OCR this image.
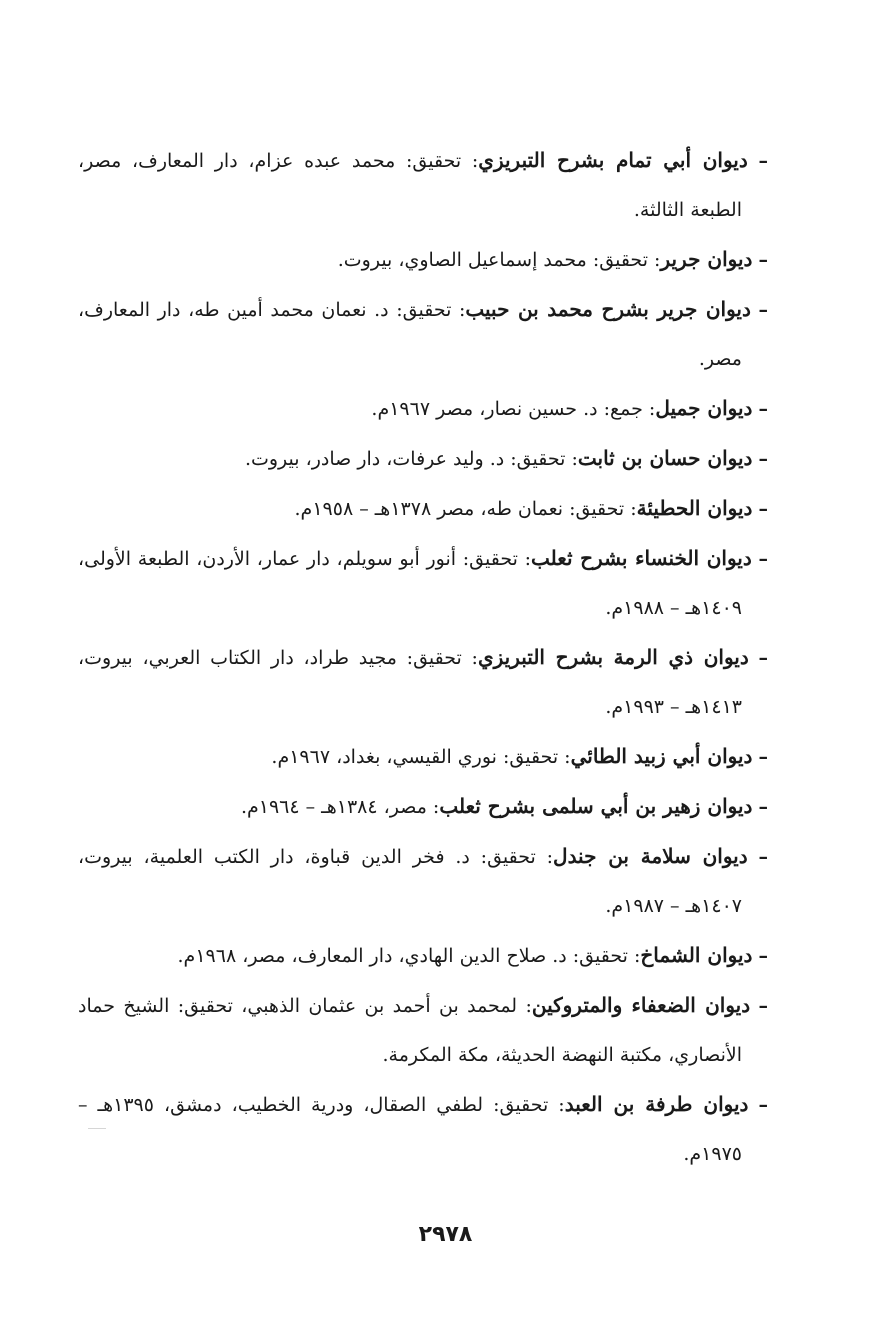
– ديوان أبي تمام بشرح التبريزي: تحقيق: محمد عبده عزام، دار المعارف، مصر، الطبعة الثالثة.

– ديوان جرير: تحقيق: محمد إسماعيل الصاوي، بيروت.

– ديوان جرير بشرح محمد بن حبيب: تحقيق: د. نعمان محمد أمين طه، دار المعارف، مصر.

– ديوان جميل: جمع: د. حسين نصار، مصر ١٩٦٧م.

– ديوان حسان بن ثابت: تحقيق: د. وليد عرفات، دار صادر، بيروت.

– ديوان الحطيئة: تحقيق: نعمان طه، مصر ١٣٧٨هـ – ١٩٥٨م.

– ديوان الخنساء بشرح ثعلب: تحقيق: أنور أبو سويلم، دار عمار، الأردن، الطبعة الأولى، ١٤٠٩هـ – ١٩٨٨م.

– ديوان ذي الرمة بشرح التبريزي: تحقيق: مجيد طراد، دار الكتاب العربي، بيروت، ١٤١٣هـ – ١٩٩٣م.

– ديوان أبي زبيد الطائي: تحقيق: نوري القيسي، بغداد، ١٩٦٧م.

– ديوان زهير بن أبي سلمى بشرح ثعلب: مصر، ١٣٨٤هـ – ١٩٦٤م.

– ديوان سلامة بن جندل: تحقيق: د. فخر الدين قباوة، دار الكتب العلمية، بيروت، ١٤٠٧هـ – ١٩٨٧م.

– ديوان الشماخ: تحقيق: د. صلاح الدين الهادي، دار المعارف، مصر، ١٩٦٨م.

– ديوان الضعفاء والمتروكين: لمحمد بن أحمد بن عثمان الذهبي، تحقيق: الشيخ حماد الأنصاري، مكتبة النهضة الحديثة، مكة المكرمة.

– ديوان طرفة بن العبد: تحقيق: لطفي الصقال، ودرية الخطيب، دمشق، ١٣٩٥هـ – ١٩٧٥م.

٢٩٧٨
